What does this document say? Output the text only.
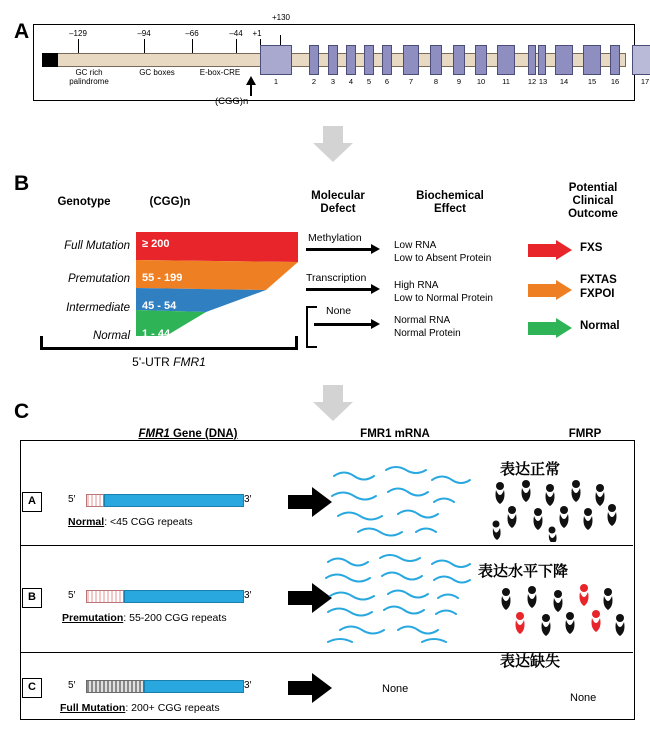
A	–129	–94	–66	–44	+1
+130
GC rich
palindrome
GC boxes	E-box-CRE
1	2	3	4	5	6	7	8	9	10	11	12 13	14	15	16	17
(CGG)n
B
Genotype	(CGG)n	Molecular
Defect
Biochemical
Effect
Potential
Clinical
Outcome
Full Mutation
Premutation
Intermediate
Normal
≥ 200
55 - 199
45 - 54
1 - 44
5'-UTR FMR1
Methylation
Transcription
None
Low RNA
Low to Absent Protein
High RNA
Low to Normal Protein
Normal RNA
Normal Protein
FXS
FXTAS
FXPOI
Normal
C
FMR1 Gene (DNA)	FMR1 mRNA	FMRP
A	5′	3′
Normal: <45 CGG repeats
表达正常
B	5′	3′
Premutation: 55-200 CGG repeats
表达水平下降
C	5′	3′
Full Mutation: 200+ CGG repeats
None
表达缺失
None
